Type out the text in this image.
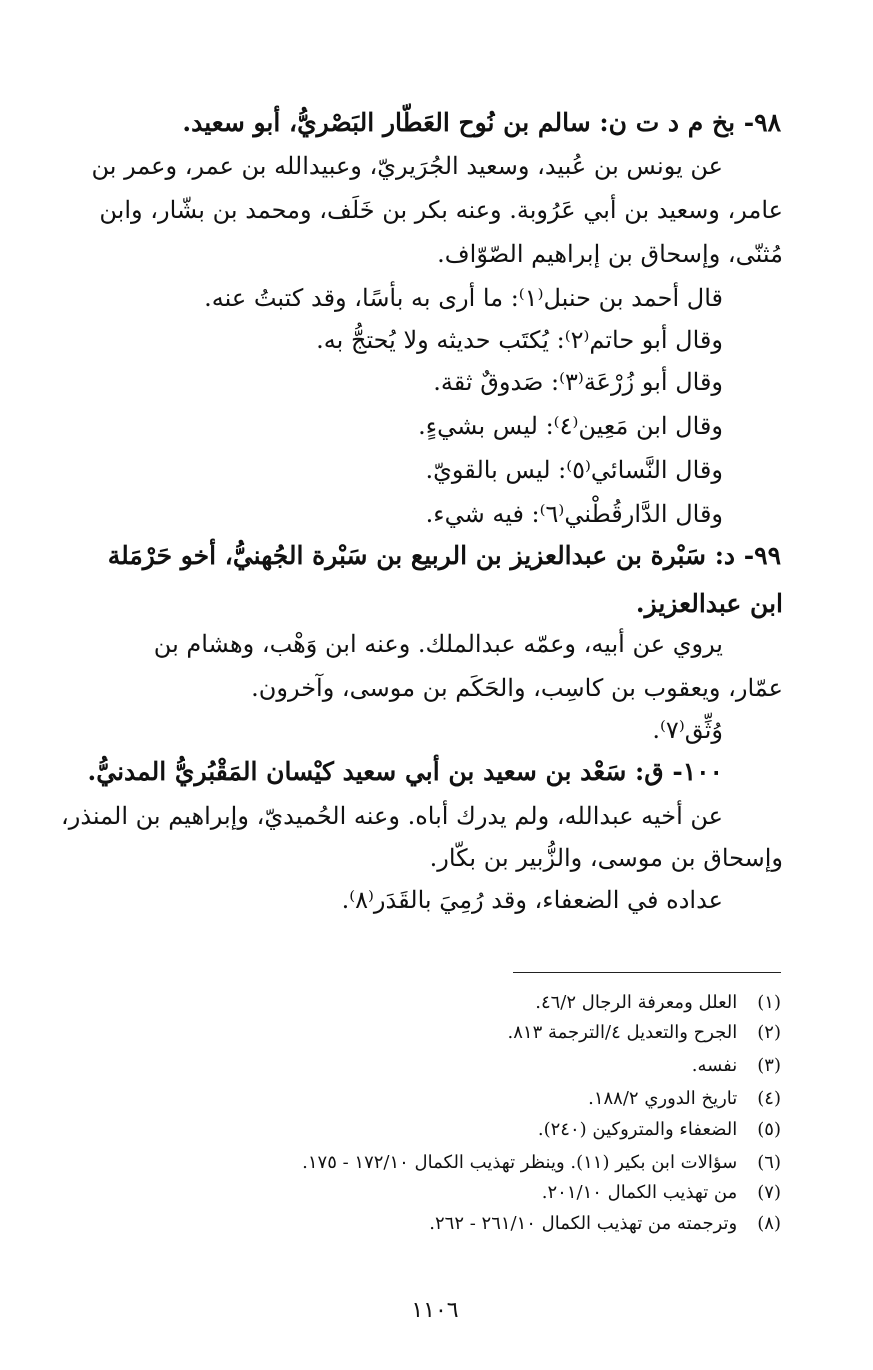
٩٨- بخ م د ت ن: سالم بن نُوح العَطّار البَصْريُّ، أبو سعيد.

عن يونس بن عُبيد، وسعيد الجُرَيريّ، وعبيدالله بن عمر، وعمر بن

عامر، وسعيد بن أبي عَرُوبة. وعنه بكر بن خَلَف، ومحمد بن بشّار، وابن

مُثنّى، وإسحاق بن إبراهيم الصّوّاف.

قال أحمد بن حنبل⁽١⁾: ما أرى به بأسًا، وقد كتبتُ عنه.

وقال أبو حاتم⁽٢⁾: يُكتَب حديثه ولا يُحتجُّ به.

وقال أبو زُرْعَة⁽٣⁾: صَدوقٌ ثقة.

وقال ابن مَعِين⁽٤⁾: ليس بشيءٍ.

وقال النَّسائي⁽٥⁾: ليس بالقويّ.

وقال الدَّارقُطْني⁽٦⁾: فيه شيء.

٩٩- د: سَبْرة بن عبدالعزيز بن الربيع بن سَبْرة الجُهنيُّ، أخو حَرْمَلة

ابن عبدالعزيز.

يروي عن أبيه، وعمّه عبدالملك. وعنه ابن وَهْب، وهشام بن

عمّار، ويعقوب بن كاسِب، والحَكَم بن موسى، وآخرون.

وُثِّق⁽٧⁾.

١٠٠- ق: سَعْد بن سعيد بن أبي سعيد كيْسان المَقْبُريُّ المدنيُّ.

عن أخيه عبدالله، ولم يدرك أباه. وعنه الحُميديّ، وإبراهيم بن المنذر،

وإسحاق بن موسى، والزُّبير بن بكّار.

عداده في الضعفاء، وقد رُمِيَ بالقَدَر⁽٨⁾.

(١) العلل ومعرفة الرجال ٤٦/٢.
(٢) الجرح والتعديل ٤/الترجمة ٨١٣.
(٣) نفسه.
(٤) تاريخ الدوري ١٨٨/٢.
(٥) الضعفاء والمتروكين (٢٤٠).
(٦) سؤالات ابن بكير (١١). وينظر تهذيب الكمال ١٧٢/١٠ - ١٧٥.
(٧) من تهذيب الكمال ٢٠١/١٠.
(٨) وترجمته من تهذيب الكمال ٢٦١/١٠ - ٢٦٢.
١١٠٦
